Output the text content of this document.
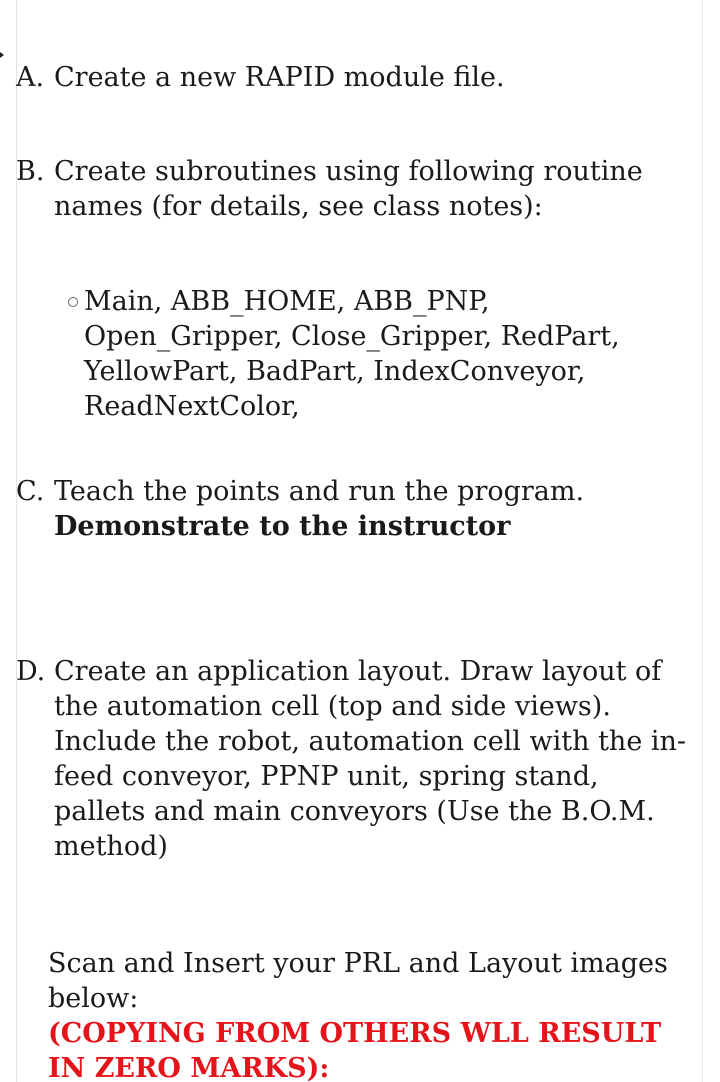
A. Create a new RAPID module file.
B. Create subroutines using following routine names (for details, see class notes):
Main, ABB_HOME, ABB_PNP, Open_Gripper, Close_Gripper, RedPart, YellowPart, BadPart, IndexConveyor, ReadNextColor,
C. Teach the points and run the program.
Demonstrate to the instructor
D. Create an application layout. Draw layout of the automation cell (top and side views). Include the robot, automation cell with the in-feed conveyor, PPNP unit, spring stand, pallets and main conveyors (Use the B.O.M. method)
Scan and Insert your PRL and Layout images below:
(COPYING FROM OTHERS WLL RESULT IN ZERO MARKS):
